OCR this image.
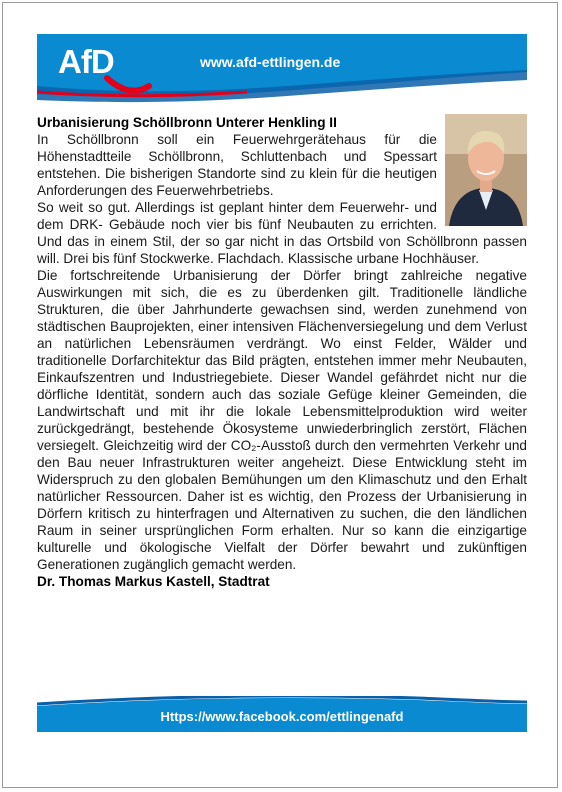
AfD	www.afd-ettlingen.de

Urbanisierung Schöllbronn Unterer Henkling II

In Schöllbronn soll ein Feuerwehrgerätehaus für die Höhenstadtteile Schöllbronn, Schluttenbach und Spessart entstehen. Die bisherigen Standorte sind zu klein für die heutigen Anforderungen des Feuerwehrbetriebs.

So weit so gut. Allerdings ist geplant hinter dem Feuerwehr- und dem DRK- Gebäude noch vier bis fünf Neubauten zu errichten. Und das in einem Stil, der so gar nicht in das Ortsbild von Schöllbronn passen will. Drei bis fünf Stockwerke. Flachdach. Klassische urbane Hochhäuser.

Die fortschreitende Urbanisierung der Dörfer bringt zahlreiche negative Auswirkungen mit sich, die es zu überdenken gilt. Traditionelle ländliche Strukturen, die über Jahrhunderte gewachsen sind, werden zunehmend von städtischen Bauprojekten, einer intensiven Flächenversiegelung und dem Verlust an natürlichen Lebensräumen verdrängt. Wo einst Felder, Wälder und traditionelle Dorfarchitektur das Bild prägten, entstehen immer mehr Neubauten, Einkaufszentren und Industriegebiete. Dieser Wandel gefährdet nicht nur die dörfliche Identität, sondern auch das soziale Gefüge kleiner Gemeinden, die Landwirtschaft und mit ihr die lokale Lebensmittelproduktion wird weiter zurückgedrängt, bestehende Ökosysteme unwiederbringlich zerstört, Flächen versiegelt. Gleichzeitig wird der CO₂-Ausstoß durch den vermehrten Verkehr und den Bau neuer Infrastrukturen weiter angeheizt. Diese Entwicklung steht im Widerspruch zu den globalen Bemühungen um den Klimaschutz und den Erhalt natürlicher Ressourcen. Daher ist es wichtig, den Prozess der Urbanisierung in Dörfern kritisch zu hinterfragen und Alternativen zu suchen, die den ländlichen Raum in seiner ursprünglichen Form erhalten. Nur so kann die einzigartige kulturelle und ökologische Vielfalt der Dörfer bewahrt und zukünftigen Generationen zugänglich gemacht werden.

Dr. Thomas Markus Kastell, Stadtrat

Https://www.facebook.com/ettlingenafd
